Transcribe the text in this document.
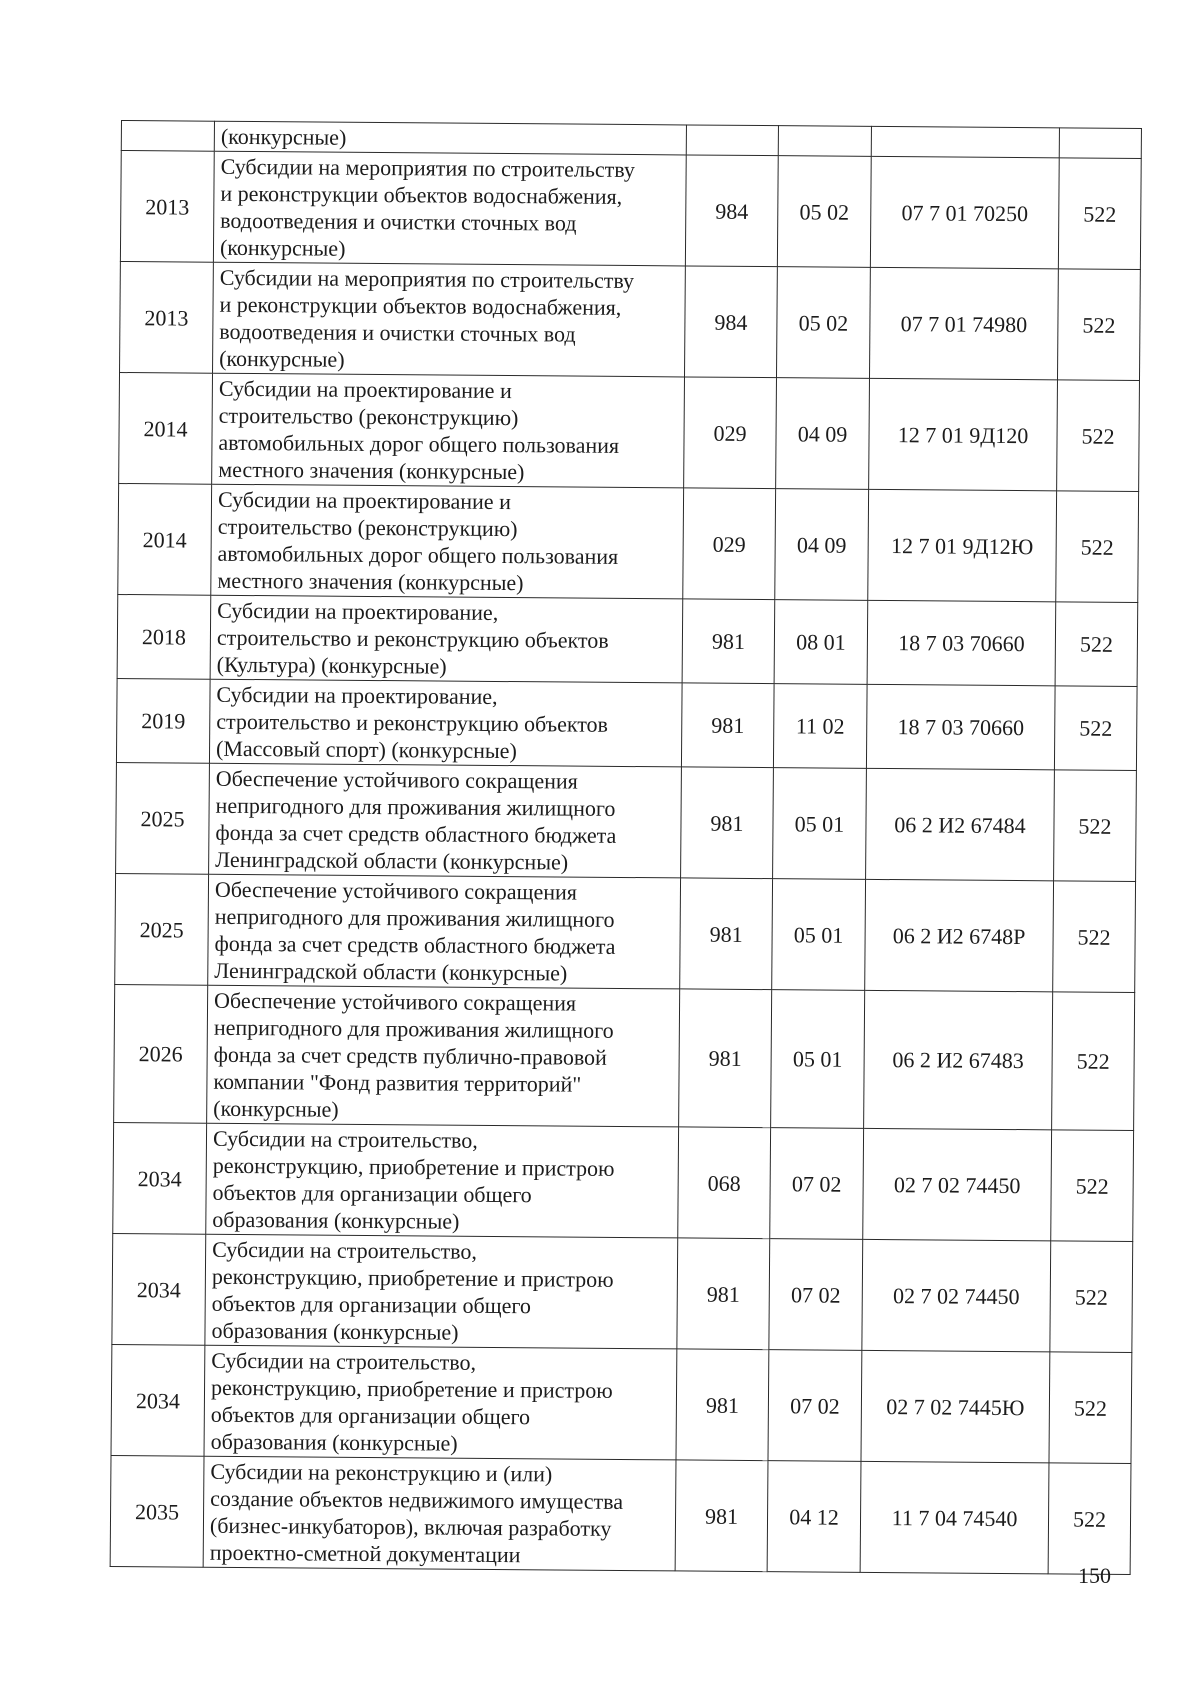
	(конкурсные)				
2013	Субсидии на мероприятия по строительству
и реконструкции объектов водоснабжения,
водоотведения и очистки сточных вод
(конкурсные)	984	05 02	07 7 01 70250	522
2013	Субсидии на мероприятия по строительству
и реконструкции объектов водоснабжения,
водоотведения и очистки сточных вод
(конкурсные)	984	05 02	07 7 01 74980	522
2014	Субсидии на проектирование и
строительство (реконструкцию)
автомобильных дорог общего пользования
местного значения (конкурсные)	029	04 09	12 7 01 9Д120	522
2014	Субсидии на проектирование и
строительство (реконструкцию)
автомобильных дорог общего пользования
местного значения (конкурсные)	029	04 09	12 7 01 9Д12Ю	522
2018	Субсидии на проектирование,
строительство и реконструкцию объектов
(Культура) (конкурсные)	981	08 01	18 7 03 70660	522
2019	Субсидии на проектирование,
строительство и реконструкцию объектов
(Массовый спорт) (конкурсные)	981	11 02	18 7 03 70660	522
2025	Обеспечение устойчивого сокращения
непригодного для проживания жилищного
фонда за счет средств областного бюджета
Ленинградской области (конкурсные)	981	05 01	06 2 И2 67484	522
2025	Обеспечение устойчивого сокращения
непригодного для проживания жилищного
фонда за счет средств областного бюджета
Ленинградской области (конкурсные)	981	05 01	06 2 И2 6748Р	522
2026	Обеспечение устойчивого сокращения
непригодного для проживания жилищного
фонда за счет средств публично-правовой
компании "Фонд развития территорий"
(конкурсные)	981	05 01	06 2 И2 67483	522
2034	Субсидии на строительство,
реконструкцию, приобретение и пристрою
объектов для организации общего
образования (конкурсные)	068	07 02	02 7 02 74450	522
2034	Субсидии на строительство,
реконструкцию, приобретение и пристрою
объектов для организации общего
образования (конкурсные)	981	07 02	02 7 02 74450	522
2034	Субсидии на строительство,
реконструкцию, приобретение и пристрою
объектов для организации общего
образования (конкурсные)	981	07 02	02 7 02 7445Ю	522
2035	Субсидии на реконструкцию и (или)
создание объектов недвижимого имущества
(бизнес-инкубаторов), включая разработку
проектно-сметной документации	981	04 12	11 7 04 74540	522
150
